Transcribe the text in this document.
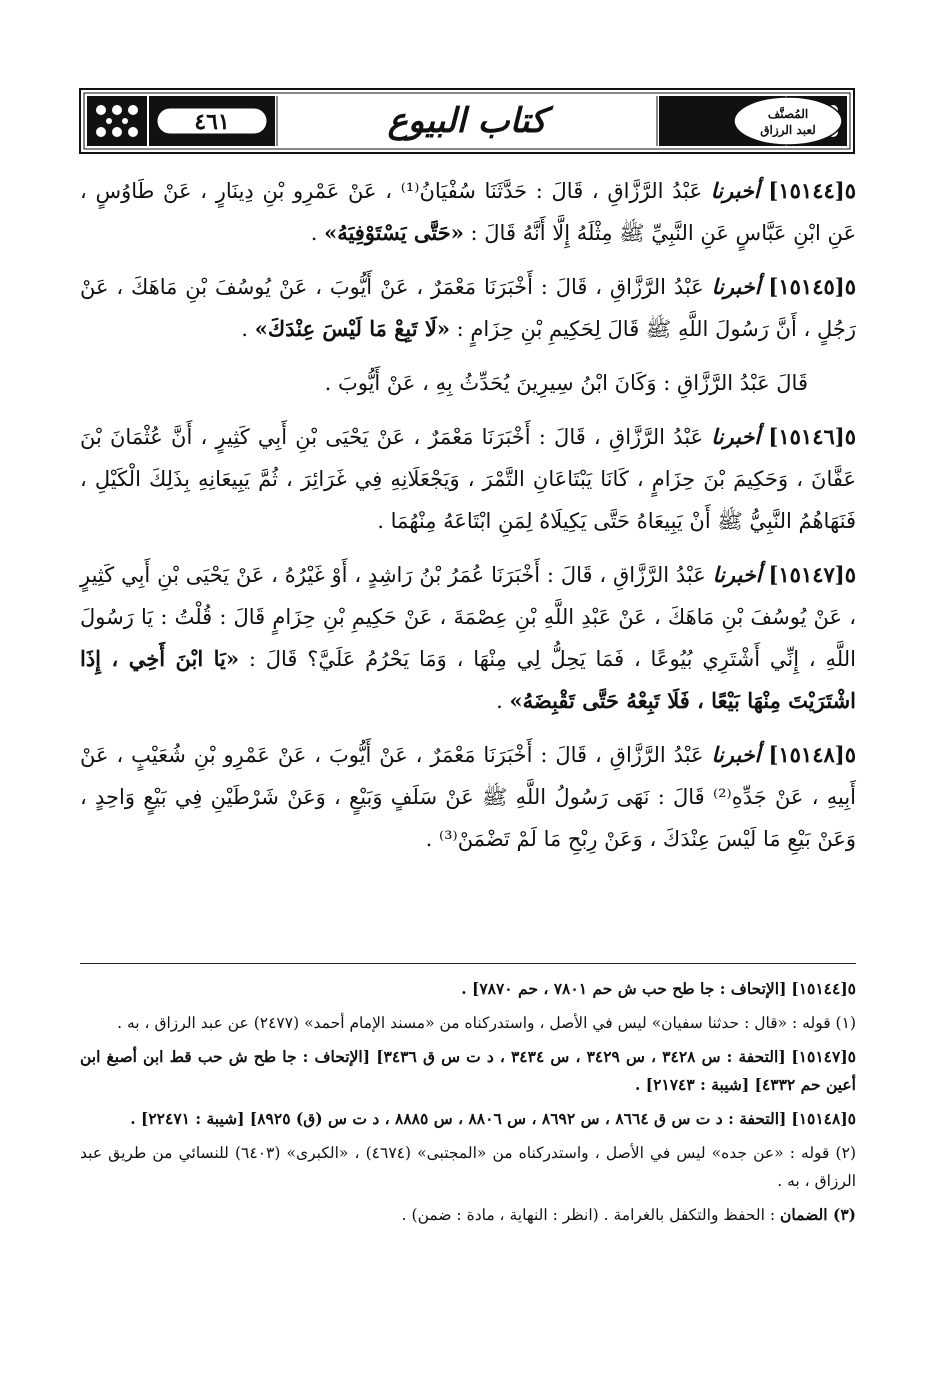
٤٦١	كتاب البيوع	المُصنَّف
لعبد الرزاق

٥[١٥١٤٤] أخبرنا عَبْدُ الرَّزَّاقِ ، قَالَ : حَدَّثَنَا سُفْيَانُ⁽¹⁾ ، عَنْ عَمْرِو بْنِ دِينَارٍ ، عَنْ طَاوُسٍ ، عَنِ ابْنِ عَبَّاسٍ عَنِ النَّبِيِّ ﷺ مِثْلَهُ إِلَّا أَنَّهُ قَالَ : «حَتَّى يَسْتَوْفِيَهُ» .

٥[١٥١٤٥] أخبرنا عَبْدُ الرَّزَّاقِ ، قَالَ : أَخْبَرَنَا مَعْمَرٌ ، عَنْ أَيُّوبَ ، عَنْ يُوسُفَ بْنِ مَاهَكَ ، عَنْ رَجُلٍ ، أَنَّ رَسُولَ اللَّهِ ﷺ قَالَ لِحَكِيمِ بْنِ حِزَامٍ : «لَا تَبِعْ مَا لَيْسَ عِنْدَكَ» .

قَالَ عَبْدُ الرَّزَّاقِ : وَكَانَ ابْنُ سِيرِينَ يُحَدِّثُ بِهِ ، عَنْ أَيُّوبَ .

٥[١٥١٤٦] أخبرنا عَبْدُ الرَّزَّاقِ ، قَالَ : أَخْبَرَنَا مَعْمَرٌ ، عَنْ يَحْيَى بْنِ أَبِي كَثِيرٍ ، أَنَّ عُثْمَانَ بْنَ عَفَّانَ ، وَحَكِيمَ بْنَ حِزَامٍ ، كَانَا يَبْتَاعَانِ التَّمْرَ ، وَيَجْعَلَانِهِ فِي غَرَائِرَ ، ثُمَّ يَبِيعَانِهِ بِذَلِكَ الْكَيْلِ ، فَنَهَاهُمُ النَّبِيُّ ﷺ أَنْ يَبِيعَاهُ حَتَّى يَكِيلَاهُ لِمَنِ ابْتَاعَهُ مِنْهُمَا .

٥[١٥١٤٧] أخبرنا عَبْدُ الرَّزَّاقِ ، قَالَ : أَخْبَرَنَا عُمَرُ بْنُ رَاشِدٍ ، أَوْ غَيْرُهُ ، عَنْ يَحْيَى بْنِ أَبِي كَثِيرٍ ، عَنْ يُوسُفَ بْنِ مَاهَكَ ، عَنْ عَبْدِ اللَّهِ بْنِ عِصْمَةَ ، عَنْ حَكِيمِ بْنِ حِزَامٍ قَالَ : قُلْتُ : يَا رَسُولَ اللَّهِ ، إِنِّي أَشْتَرِي بُيُوعًا ، فَمَا يَحِلُّ لِي مِنْهَا ، وَمَا يَحْرُمُ عَلَيَّ؟ قَالَ : «يَا ابْنَ أَخِي ، إِذَا اشْتَرَيْتَ مِنْهَا بَيْعًا ، فَلَا تَبِعْهُ حَتَّى تَقْبِضَهُ» .

٥[١٥١٤٨] أخبرنا عَبْدُ الرَّزَّاقِ ، قَالَ : أَخْبَرَنَا مَعْمَرٌ ، عَنْ أَيُّوبَ ، عَنْ عَمْرِو بْنِ شُعَيْبٍ ، عَنْ أَبِيهِ ، عَنْ جَدِّهِ⁽²⁾ قَالَ : نَهَى رَسُولُ اللَّهِ ﷺ عَنْ سَلَفٍ وَبَيْعٍ ، وَعَنْ شَرْطَيْنِ فِي بَيْعٍ وَاحِدٍ ، وَعَنْ بَيْعِ مَا لَيْسَ عِنْدَكَ ، وَعَنْ رِبْحِ مَا لَمْ تَضْمَنْ⁽³⁾ .

٥[١٥١٤٤] [الإتحاف : جا طح حب ش حم ٧٨٠١ ، حم ٧٨٧٠] .

(١) قوله : «قال : حدثنا سفيان» ليس في الأصل ، واستدركناه من «مسند الإمام أحمد» (٢٤٧٧) عن عبد الرزاق ، به .

٥[١٥١٤٧] [التحفة : س ٣٤٢٨ ، س ٣٤٢٩ ، س ٣٤٣٤ ، د ت س ق ٣٤٣٦] [الإتحاف : جا طح ش حب قط ابن أصبغ ابن أعين حم ٤٣٣٢] [شيبة : ٢١٧٤٣] .

٥[١٥١٤٨] [التحفة : د ت س ق ٨٦٦٤ ، س ٨٦٩٢ ، س ٨٨٠٦ ، س ٨٨٨٥ ، د ت س (ق) ٨٩٢٥] [شيبة : ٢٢٤٧١] .

(٢) قوله : «عن جده» ليس في الأصل ، واستدركناه من «المجتبى» (٤٦٧٤) ، «الكبرى» (٦٤٠٣) للنسائي من طريق عبد الرزاق ، به .

(٣) الضمان : الحفظ والتكفل بالغرامة . (انظر : النهاية ، مادة : ضمن) .
